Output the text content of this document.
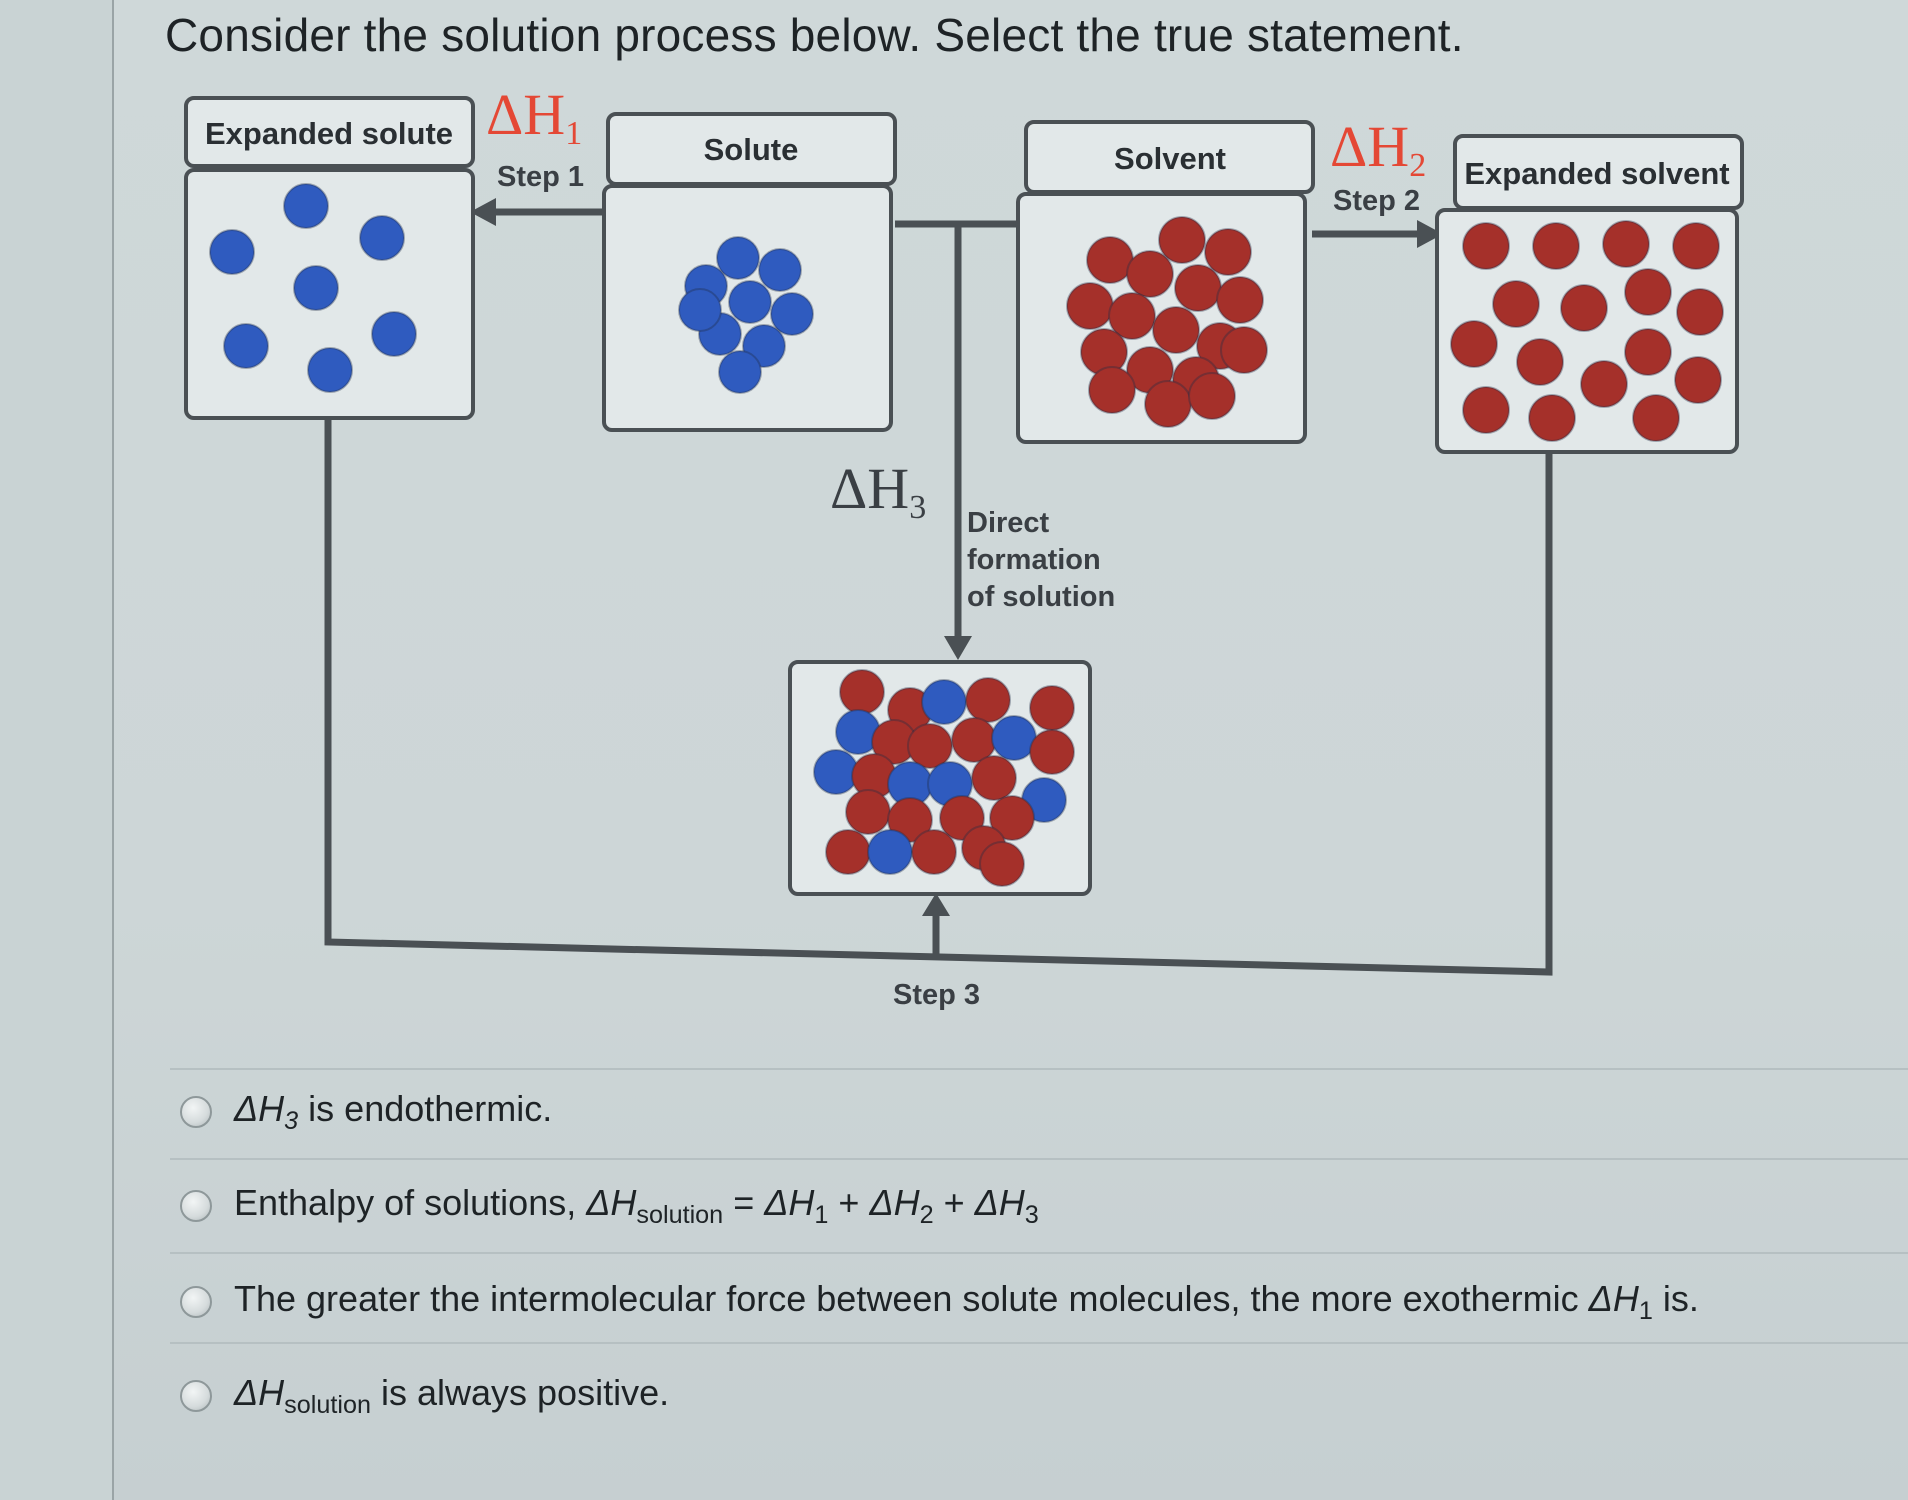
Consider the solution process below. Select the true statement.
Expanded solute	Solute	Solvent	Expanded solvent
ΔH1
Step 1	ΔH2
Step 2
ΔH3 Direct formation of solution
Step 3
$\Delta H_3$ is endothermic.
Enthalpy of solutions, $\Delta H_{solution} = \Delta H_1 + \Delta H_2 + \Delta H_3$
The greater the intermolecular force between solute molecules, the more exothermic $\Delta H_1$ is.
$\Delta H_{solution}$ is always positive.
